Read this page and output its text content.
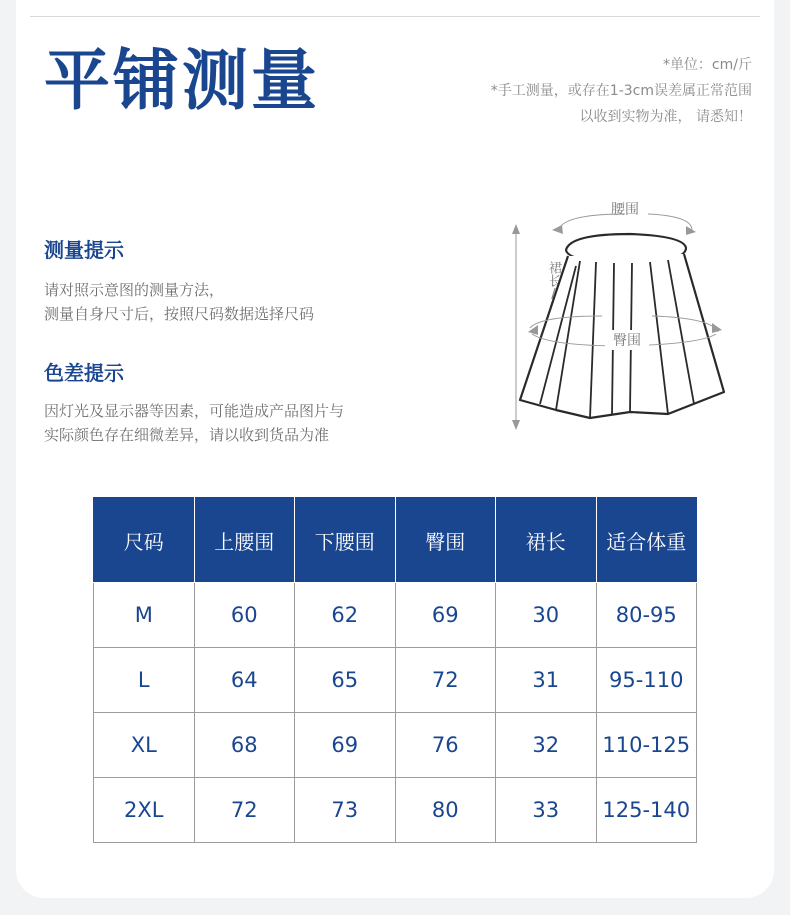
平铺测量	*单位：cm/斤
*手工测量，或存在1-3cm误差属正常范围
以收到实物为准， 请悉知！
测量提示
请对照示意图的测量方法，
测量自身尺寸后，按照尺码数据选择尺码
色差提示
因灯光及显示器等因素，可能造成产品图片与
实际颜色存在细微差异，请以收到货品为准
腰围
裙长/裤长
臀围
尺码	上腰围	下腰围	臀围	裙长	适合体重
M	60	62	69	30	80-95
L	64	65	72	31	95-110
XL	68	69	76	32	110-125
2XL	72	73	80	33	125-140
